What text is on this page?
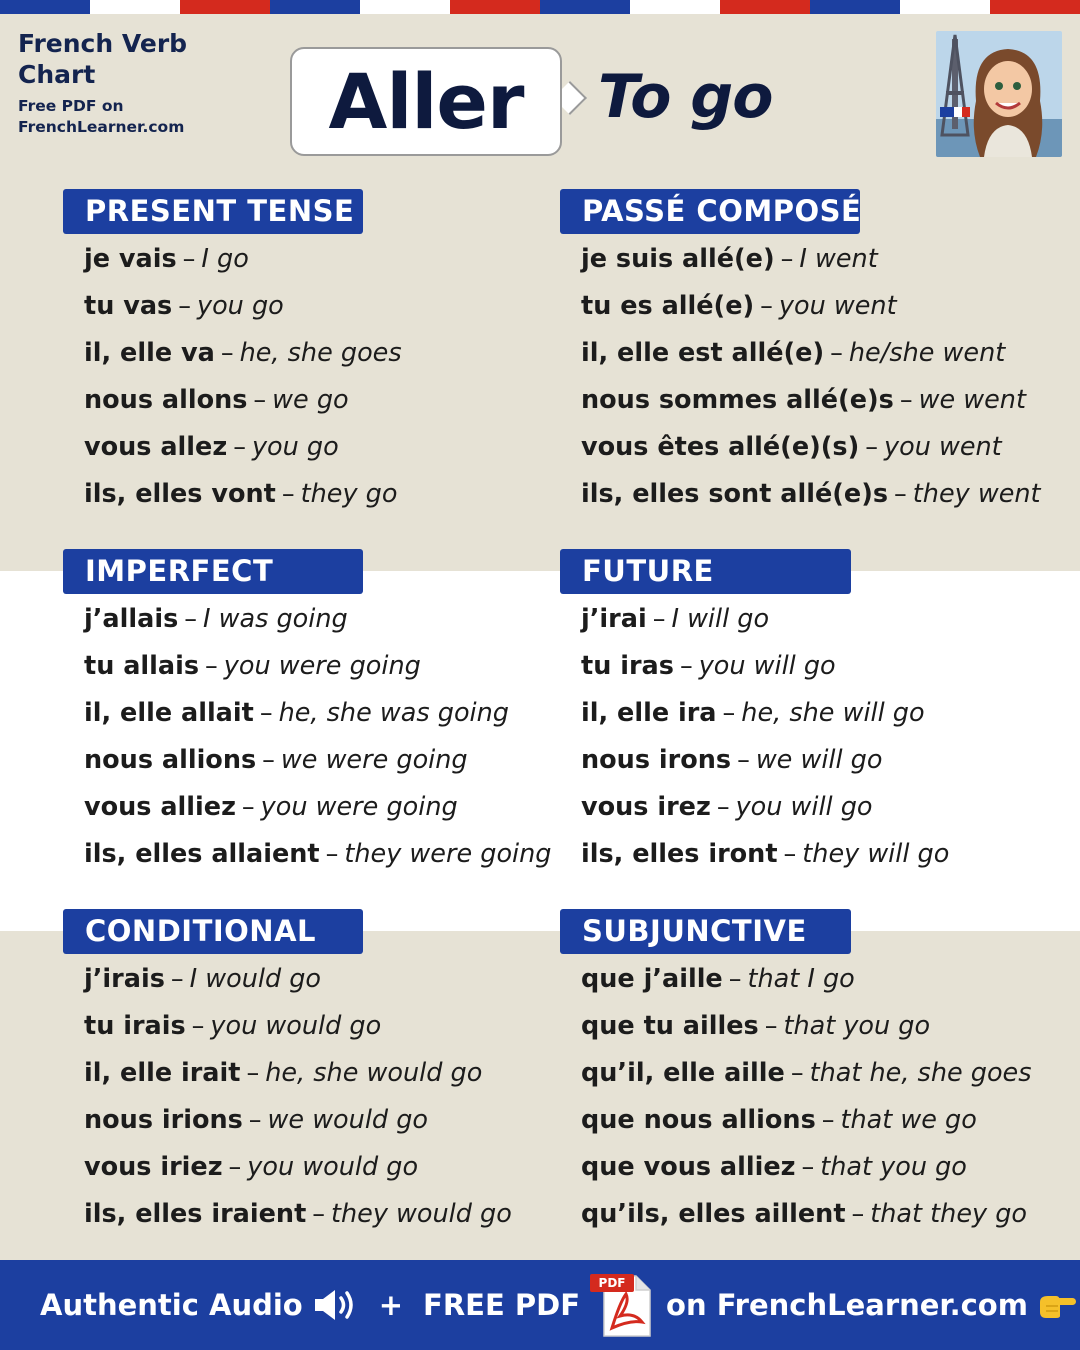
French Verb
Chart
Free PDF on
FrenchLearner.com	Aller To go
PRESENT TENSE
je vais – I go
tu vas – you go
il, elle va – he, she goes
nous allons – we go
vous allez – you go
ils, elles vont – they go
PASSÉ COMPOSÉ
je suis allé(e) – I went
tu es allé(e) – you went
il, elle est allé(e) – he/she went
nous sommes allé(e)s – we went
vous êtes allé(e)(s) – you went
ils, elles sont allé(e)s – they went
IMPERFECT
j’allais – I was going
tu allais – you were going
il, elle allait – he, she was going
nous allions – we were going
vous alliez – you were going
ils, elles allaient – they were going
FUTURE
j’irai – I will go
tu iras – you will go
il, elle ira – he, she will go
nous irons – we will go
vous irez – you will go
ils, elles iront – they will go
CONDITIONAL
j’irais – I would go
tu irais – you would go
il, elle irait – he, she would go
nous irions – we would go
vous iriez – you would go
ils, elles iraient – they would go
SUBJUNCTIVE
que j’aille – that I go
que tu ailles – that you go
qu’il, elle aille – that he, she goes
que nous allions – that we go
que vous alliez – that you go
qu’ils, elles aillent – that they go
Authentic Audio	+ FREE PDF
PDF
on FrenchLearner.com
